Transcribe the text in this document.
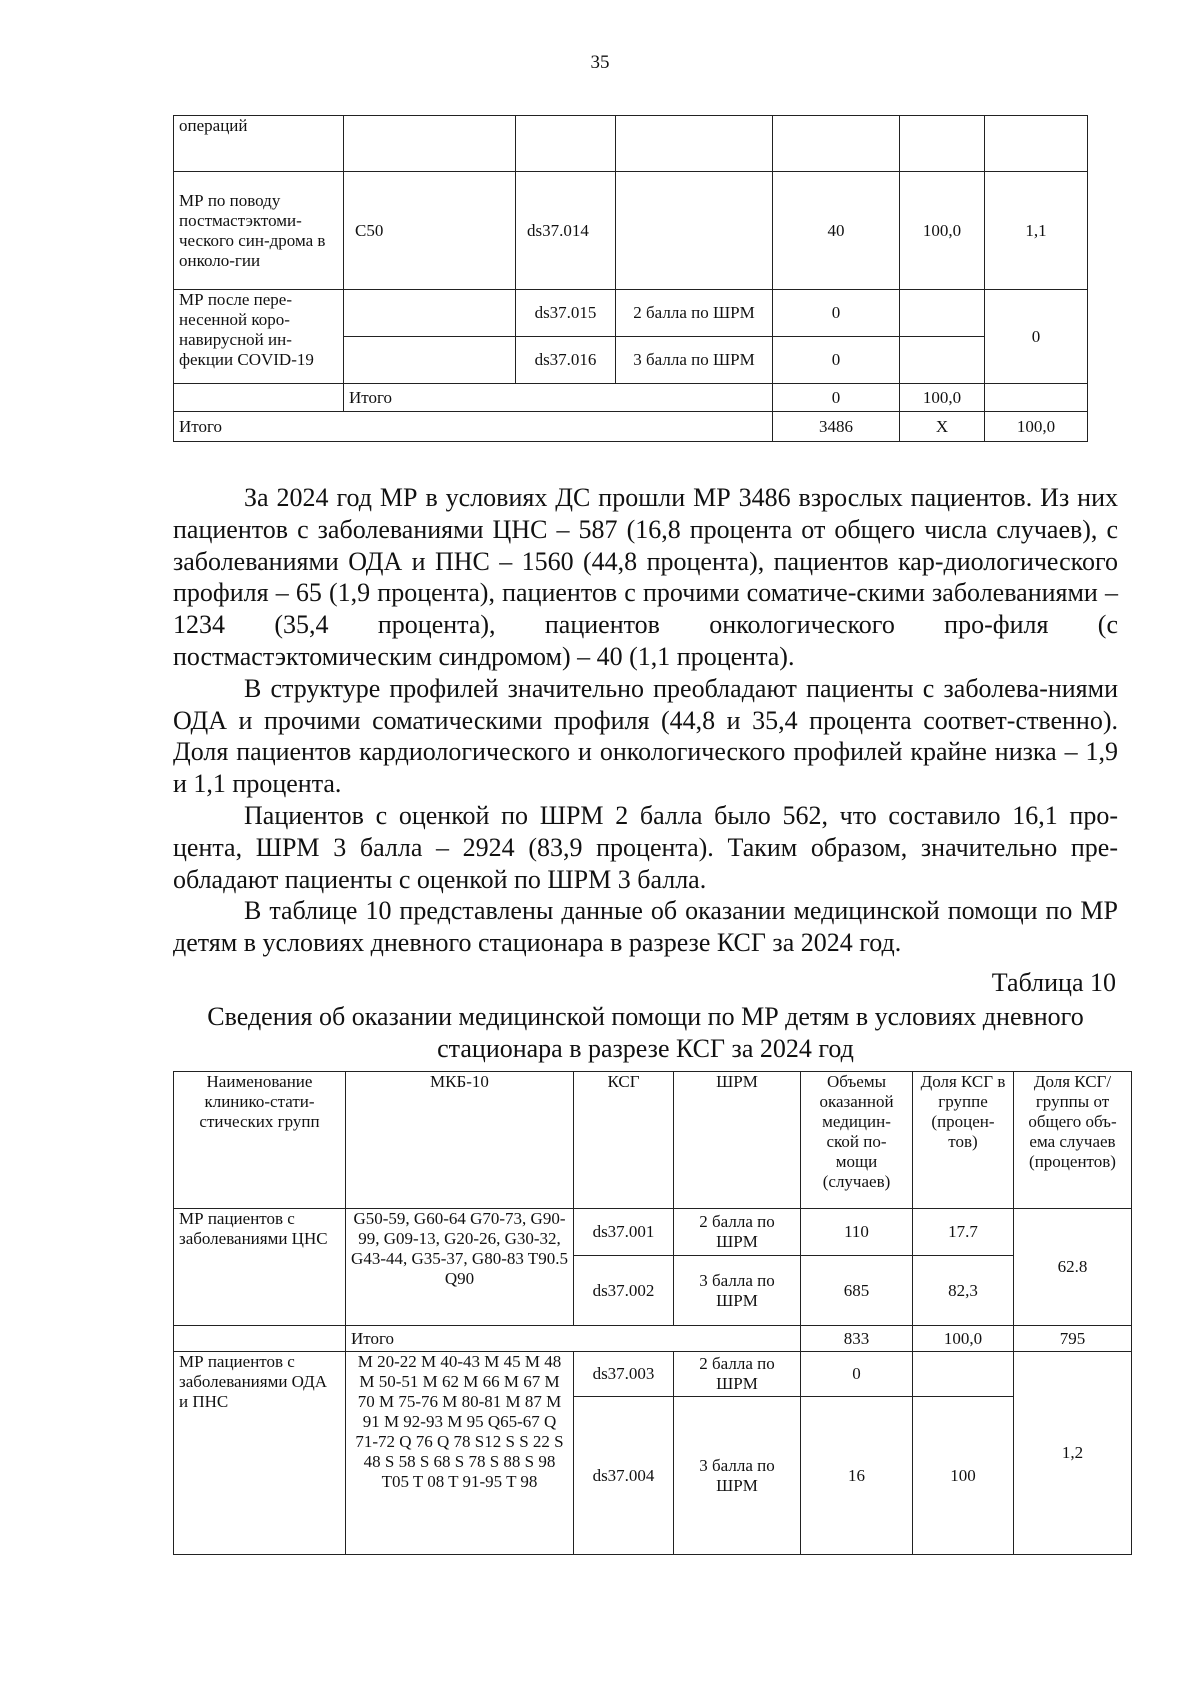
35
операций						
МР по поводу постмастэктоми-ческого син-дрома в онколо-гии	C50	ds37.014		40	100,0	1,1
МР после пере-несенной коро-навирусной ин-фекции COVID-19		ds37.015	2 балла по ШРМ	0		0
		ds37.016	3 балла по ШРМ	0		
	Итого			0	100,0	
Итого				3486	Х	100,0

За 2024 год МР в условиях ДС прошли МР 3486 взрослых пациентов. Из них пациентов с заболеваниями ЦНС – 587 (16,8 процента от общего числа случаев), с заболеваниями ОДА и ПНС – 1560 (44,8 процента), пациентов кар-диологического профиля – 65 (1,9 процента), пациентов с прочими соматиче-скими заболеваниями – 1234 (35,4 процента), пациентов онкологического про-филя (с постмастэктомическим синдромом) – 40 (1,1 процента).

В структуре профилей значительно преобладают пациенты с заболева-ниями ОДА и прочими соматическими профиля (44,8 и 35,4 процента соответ-ственно). Доля пациентов кардиологического и онкологического профилей крайне низка – 1,9 и 1,1 процента.

Пациентов с оценкой по ШРМ 2 балла было 562, что составило 16,1 про-цента, ШРМ 3 балла – 2924 (83,9 процента). Таким образом, значительно пре-обладают пациенты с оценкой по ШРМ 3 балла.

В таблице 10 представлены данные об оказании медицинской помощи по МР детям в условиях дневного стационара в разрезе КСГ за 2024 год.

Таблица 10
Сведения об оказании медицинской помощи по МР детям в условиях дневного стационара в разрезе КСГ за 2024 год
Наименование клинико-стати-стических групп	МКБ-10	КСГ	ШРМ	Объемы оказанной медицин-ской по-мощи (случаев)	Доля КСГ в группе (процен-тов)	Доля КСГ/ группы от общего объ-ема случаев (процентов)
МР пациентов с заболеваниями ЦНС	G50-59, G60-64 G70-73, G90-99, G09-13, G20-26, G30-32, G43-44, G35-37, G80-83 T90.5 Q90	ds37.001	2 балла по ШРМ	110	17.7	62.8
		ds37.002	3 балла по ШРМ	685	82,3	
	Итого			833	100,0	795
МР пациентов с заболеваниями ОДА и ПНС	M 20-22 M 40-43 M 45 M 48 M 50-51 M 62 M 66 M 67 M 70 M 75-76 M 80-81 M 87 M 91 M 92-93 M 95 Q65-67 Q 71-72 Q 76 Q 78 S12 S S 22 S 48 S 58 S 68 S 78 S 88 S 98 T05 T 08 T 91-95 T 98	ds37.003	2 балла по ШРМ	0		1,2
		ds37.004	3 балла по ШРМ	16	100	
